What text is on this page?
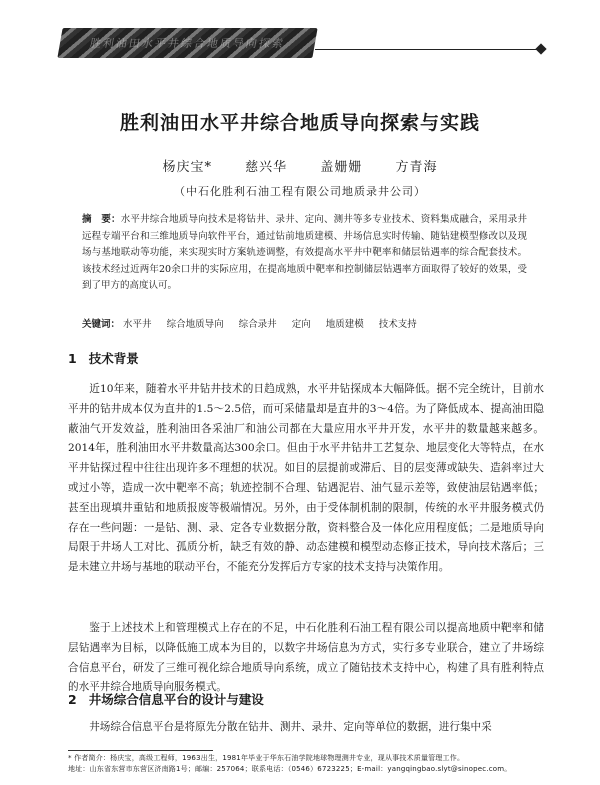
胜利油田水平井综合地质导向探索
胜利油田水平井综合地质导向探索与实践
杨庆宝*	慈兴华	盖姗姗	方青海
（中石化胜利石油工程有限公司地质录井公司）
摘　要：水平井综合地质导向技术是将钻井、录井、定向、测井等多专业技术、资料集成融合，采用录井远程专端平台和三维地质导向软件平台，通过钻前地质建模、井场信息实时传输、随钻建模型修改以及现场与基地联动等功能，来实现实时方案轨迹调整，有效提高水平井中靶率和储层钻遇率的综合配套技术。该技术经过近两年20余口井的实际应用，在提高地质中靶率和控制储层钻遇率方面取得了较好的效果，受到了甲方的高度认可。
关键词： 水平井 综合地质导向 综合录井 定向 地质建模 技术支持
1 技术背景
近10年来，随着水平井钻井技术的日趋成熟，水平井钻探成本大幅降低。据不完全统计，目前水平井的钻井成本仅为直井的1.5～2.5倍，而可采储量却是直井的3～4倍。为了降低成本、提高油田隐蔽油气开发效益，胜利油田各采油厂和油公司都在大量应用水平井开发，水平井的数量越来越多。2014年，胜利油田水平井数量高达300余口。但由于水平井钻井工艺复杂、地层变化大等特点，在水平井钻探过程中往往出现许多不理想的状况。如目的层提前或滞后、目的层变薄或缺失、造斜率过大或过小等，造成一次中靶率不高；轨迹控制不合理、钻遇泥岩、油气显示差等，致使油层钻遇率低；甚至出现填井重钻和地质报废等极端情况。另外，由于受体制机制的限制，传统的水平井服务模式仍存在一些问题：一是钻、测、录、定各专业数据分散，资料整合及一体化应用程度低；二是地质导向局限于井场人工对比、孤质分析，缺乏有效的静、动态建模和模型动态修正技术，导向技术落后；三是未建立井场与基地的联动平台，不能充分发挥后方专家的技术支持与决策作用。
鉴于上述技术上和管理模式上存在的不足，中石化胜利石油工程有限公司以提高地质中靶率和储层钻遇率为目标，以降低施工成本为目的，以数字井场信息为方式，实行多专业联合，建立了井场综合信息平台，研发了三维可视化综合地质导向系统，成立了随钻技术支持中心，构建了具有胜利特点的水平井综合地质导向服务模式。
2 井场综合信息平台的设计与建设
井场综合信息平台是将原先分散在钻井、测井、录井、定向等单位的数据，进行集中采
* 作者简介：杨庆宝，高级工程师，1963出生，1981年毕业于华东石油学院地球物理测井专业，现从事技术质量管理工作。
地址：山东省东营市东营区济南路1号；邮编：257064；联系电话：（0546）6723225；E-mail：yangqingbao.slyt@sinopec.com。
